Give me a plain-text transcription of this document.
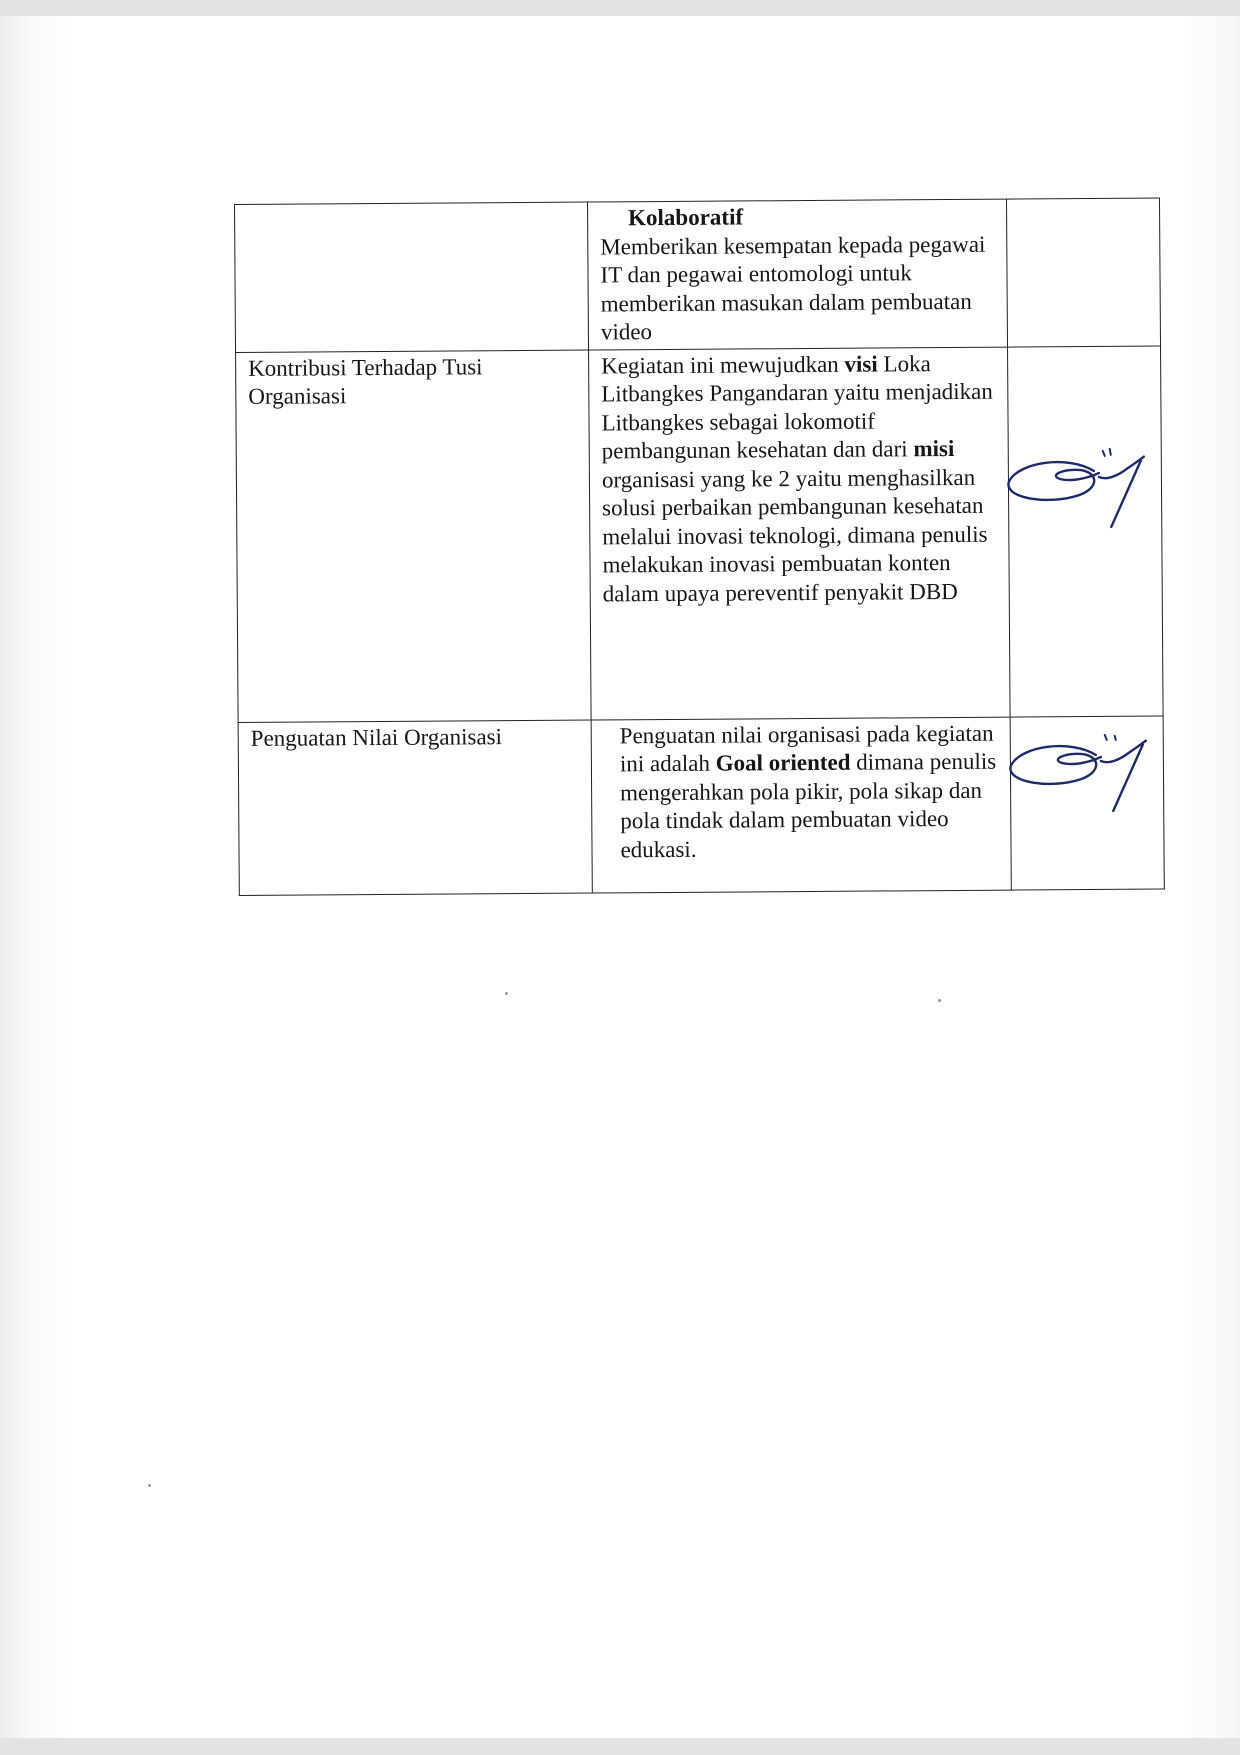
	Kolaboratif
Memberikan kesempatan kepada pegawai IT dan pegawai entomologi untuk memberikan masukan dalam pembuatan video	

Kontribusi Terhadap Tusi Organisasi	Kegiatan ini mewujudkan visi Loka Litbangkes Pangandaran yaitu menjadikan Litbangkes sebagai lokomotif pembangunan kesehatan dan dari misi organisasi yang ke 2 yaitu menghasilkan solusi perbaikan pembangunan kesehatan melalui inovasi teknologi, dimana penulis melakukan inovasi pembuatan konten dalam upaya pereventif penyakit DBD	

Penguatan Nilai Organisasi	Penguatan nilai organisasi pada kegiatan ini adalah Goal oriented dimana penulis mengerahkan pola pikir, pola sikap dan pola tindak dalam pembuatan video edukasi.	
